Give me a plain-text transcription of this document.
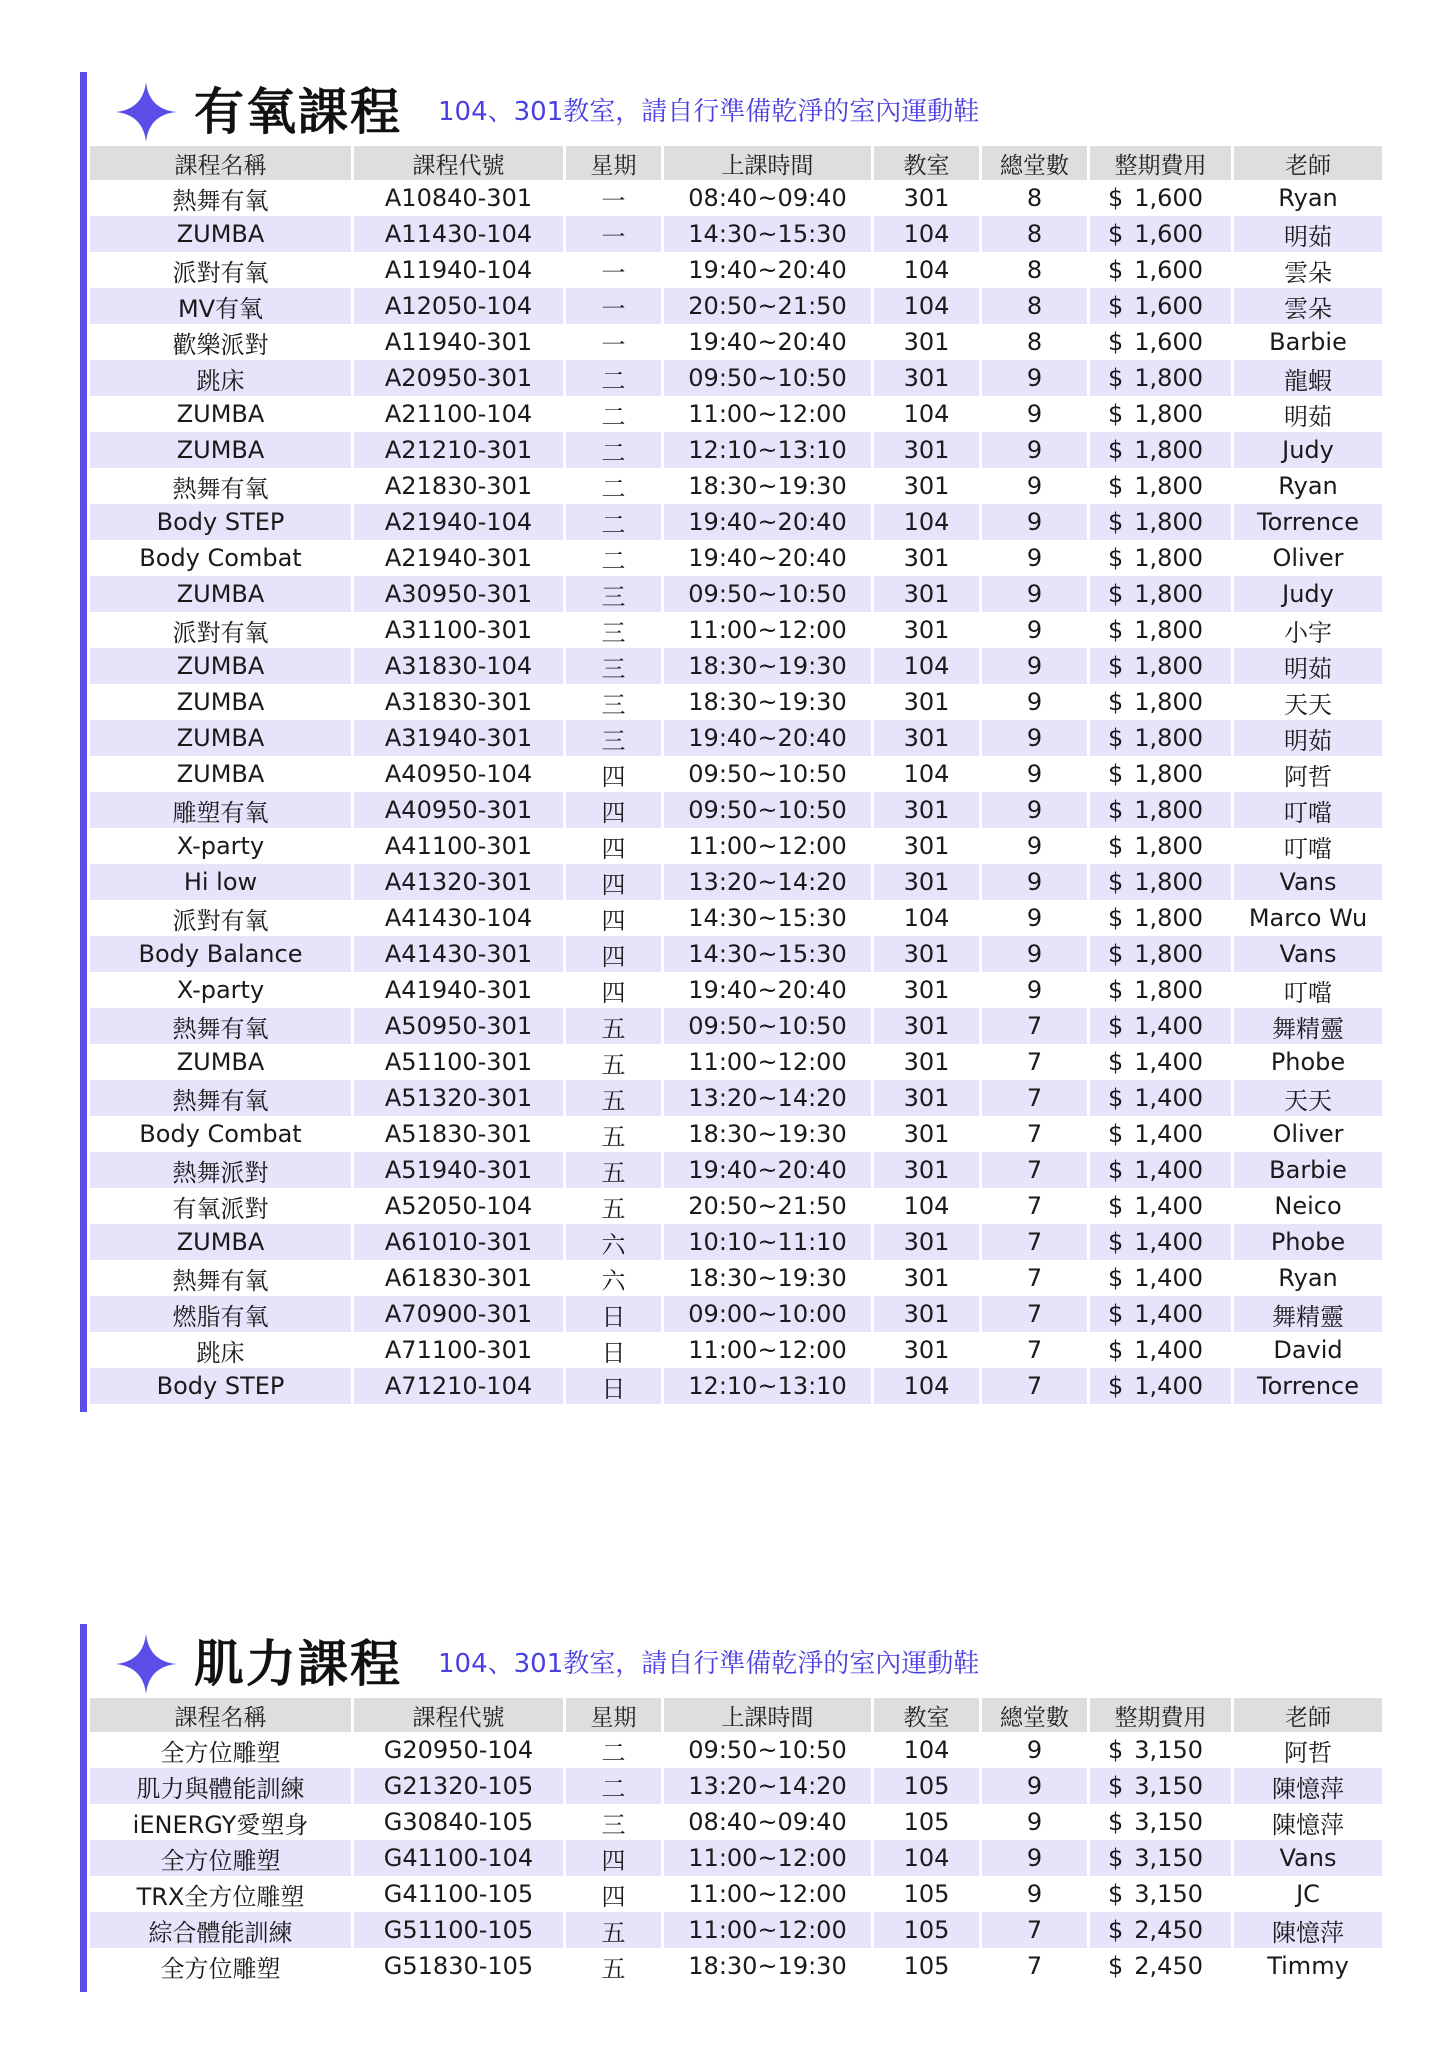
有氧課程 104、301教室，請自行準備乾淨的室內運動鞋
課程名稱	課程代號	星期	上課時間	教室	總堂數	整期費用	老師
熱舞有氧	A10840-301	一	08:40~09:40	301	8	$ 1,600	Ryan
ZUMBA	A11430-104	一	14:30~15:30	104	8	$ 1,600	明茹
派對有氧	A11940-104	一	19:40~20:40	104	8	$ 1,600	雲朵
MV有氧	A12050-104	一	20:50~21:50	104	8	$ 1,600	雲朵
歡樂派對	A11940-301	一	19:40~20:40	301	8	$ 1,600	Barbie
跳床	A20950-301	二	09:50~10:50	301	9	$ 1,800	龍蝦
ZUMBA	A21100-104	二	11:00~12:00	104	9	$ 1,800	明茹
ZUMBA	A21210-301	二	12:10~13:10	301	9	$ 1,800	Judy
熱舞有氧	A21830-301	二	18:30~19:30	301	9	$ 1,800	Ryan
Body STEP	A21940-104	二	19:40~20:40	104	9	$ 1,800	Torrence
Body Combat	A21940-301	二	19:40~20:40	301	9	$ 1,800	Oliver
ZUMBA	A30950-301	三	09:50~10:50	301	9	$ 1,800	Judy
派對有氧	A31100-301	三	11:00~12:00	301	9	$ 1,800	小宇
ZUMBA	A31830-104	三	18:30~19:30	104	9	$ 1,800	明茹
ZUMBA	A31830-301	三	18:30~19:30	301	9	$ 1,800	天天
ZUMBA	A31940-301	三	19:40~20:40	301	9	$ 1,800	明茹
ZUMBA	A40950-104	四	09:50~10:50	104	9	$ 1,800	阿哲
雕塑有氧	A40950-301	四	09:50~10:50	301	9	$ 1,800	叮噹
X-party	A41100-301	四	11:00~12:00	301	9	$ 1,800	叮噹
Hi low	A41320-301	四	13:20~14:20	301	9	$ 1,800	Vans
派對有氧	A41430-104	四	14:30~15:30	104	9	$ 1,800	Marco Wu
Body Balance	A41430-301	四	14:30~15:30	301	9	$ 1,800	Vans
X-party	A41940-301	四	19:40~20:40	301	9	$ 1,800	叮噹
熱舞有氧	A50950-301	五	09:50~10:50	301	7	$ 1,400	舞精靈
ZUMBA	A51100-301	五	11:00~12:00	301	7	$ 1,400	Phobe
熱舞有氧	A51320-301	五	13:20~14:20	301	7	$ 1,400	天天
Body Combat	A51830-301	五	18:30~19:30	301	7	$ 1,400	Oliver
熱舞派對	A51940-301	五	19:40~20:40	301	7	$ 1,400	Barbie
有氧派對	A52050-104	五	20:50~21:50	104	7	$ 1,400	Neico
ZUMBA	A61010-301	六	10:10~11:10	301	7	$ 1,400	Phobe
熱舞有氧	A61830-301	六	18:30~19:30	301	7	$ 1,400	Ryan
燃脂有氧	A70900-301	日	09:00~10:00	301	7	$ 1,400	舞精靈
跳床	A71100-301	日	11:00~12:00	301	7	$ 1,400	David
Body STEP	A71210-104	日	12:10~13:10	104	7	$ 1,400	Torrence
肌力課程 104、301教室，請自行準備乾淨的室內運動鞋
課程名稱	課程代號	星期	上課時間	教室	總堂數	整期費用	老師
全方位雕塑	G20950-104	二	09:50~10:50	104	9	$ 3,150	阿哲
肌力與體能訓練	G21320-105	二	13:20~14:20	105	9	$ 3,150	陳憶萍
iENERGY愛塑身	G30840-105	三	08:40~09:40	105	9	$ 3,150	陳憶萍
全方位雕塑	G41100-104	四	11:00~12:00	104	9	$ 3,150	Vans
TRX全方位雕塑	G41100-105	四	11:00~12:00	105	9	$ 3,150	JC
綜合體能訓練	G51100-105	五	11:00~12:00	105	7	$ 2,450	陳憶萍
全方位雕塑	G51830-105	五	18:30~19:30	105	7	$ 2,450	Timmy
